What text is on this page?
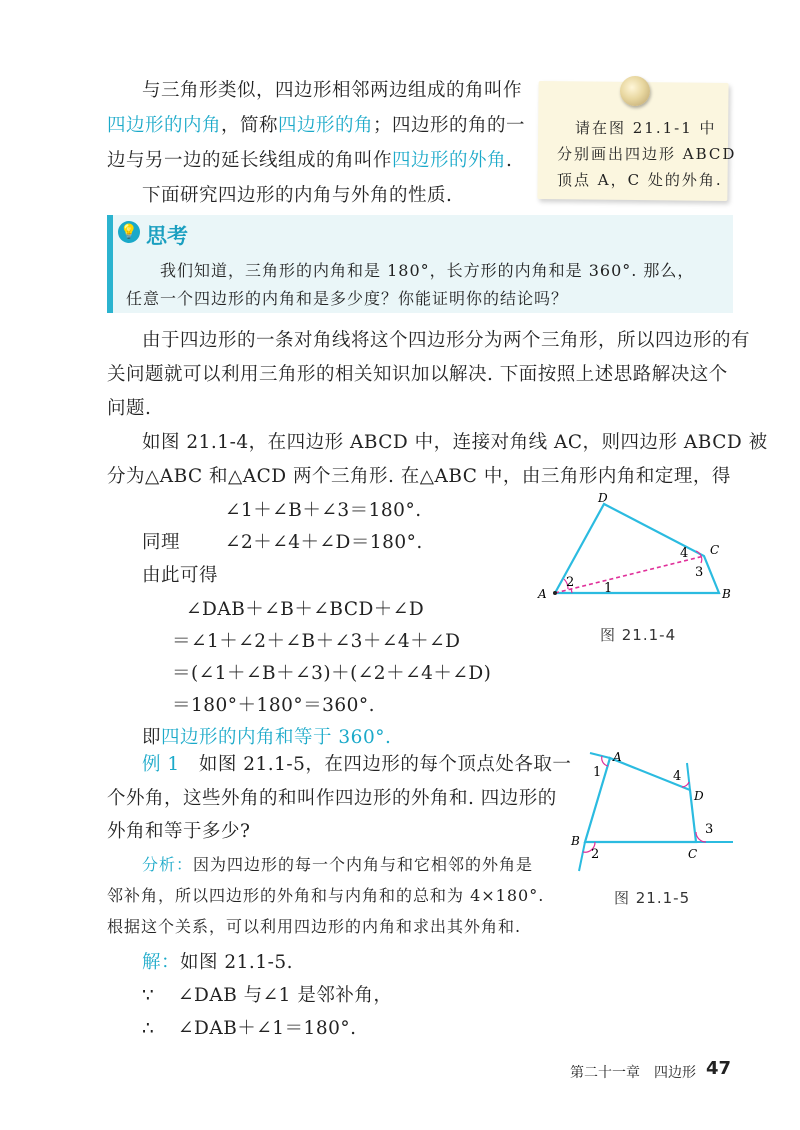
与三角形类似，四边形相邻两边组成的角叫作
四边形的内角，简称四边形的角；四边形的角的一
边与另一边的延长线组成的角叫作四边形的外角.
下面研究四边形的内角与外角的性质.
请在图 21.1-1 中
分别画出四边形 ABCD
顶点 A，C 处的外角.
💡 思考
我们知道，三角形的内角和是 180°，长方形的内角和是 360°. 那么，
任意一个四边形的内角和是多少度？你能证明你的结论吗？
由于四边形的一条对角线将这个四边形分为两个三角形，所以四边形的有
关问题就可以利用三角形的相关知识加以解决. 下面按照上述思路解决这个
问题.
如图 21.1-4，在四边形 ABCD 中，连接对角线 AC，则四边形 ABCD 被
分为△ABC 和△ACD 两个三角形. 在△ABC 中，由三角形内角和定理，得
∠1＋∠B＋∠3＝180°.
同理 ∠2＋∠4＋∠D＝180°.
由此可得
∠DAB＋∠B＋∠BCD＋∠D
＝∠1＋∠2＋∠B＋∠3＋∠4＋∠D
＝(∠1＋∠B＋∠3)＋(∠2＋∠4＋∠D)
＝180°＋180°＝360°.
即四边形的内角和等于 360°.
A	B
C
D
1
2
3
4
图 21.1-4
例 1 如图 21.1-5，在四边形的每个顶点处各取一
个外角，这些外角的和叫作四边形的外角和. 四边形的
外角和等于多少?
分析：因为四边形的每一个内角与和它相邻的外角是
邻补角，所以四边形的外角和与内角和的总和为 4×180°.
根据这个关系，可以利用四边形的内角和求出其外角和.
解：如图 21.1-5.
∵ ∠DAB 与∠1 是邻补角，
∴ ∠DAB＋∠1＝180°.
A
B
C
D
1
2
3
4
图 21.1-5
第二十一章　四边形 47
